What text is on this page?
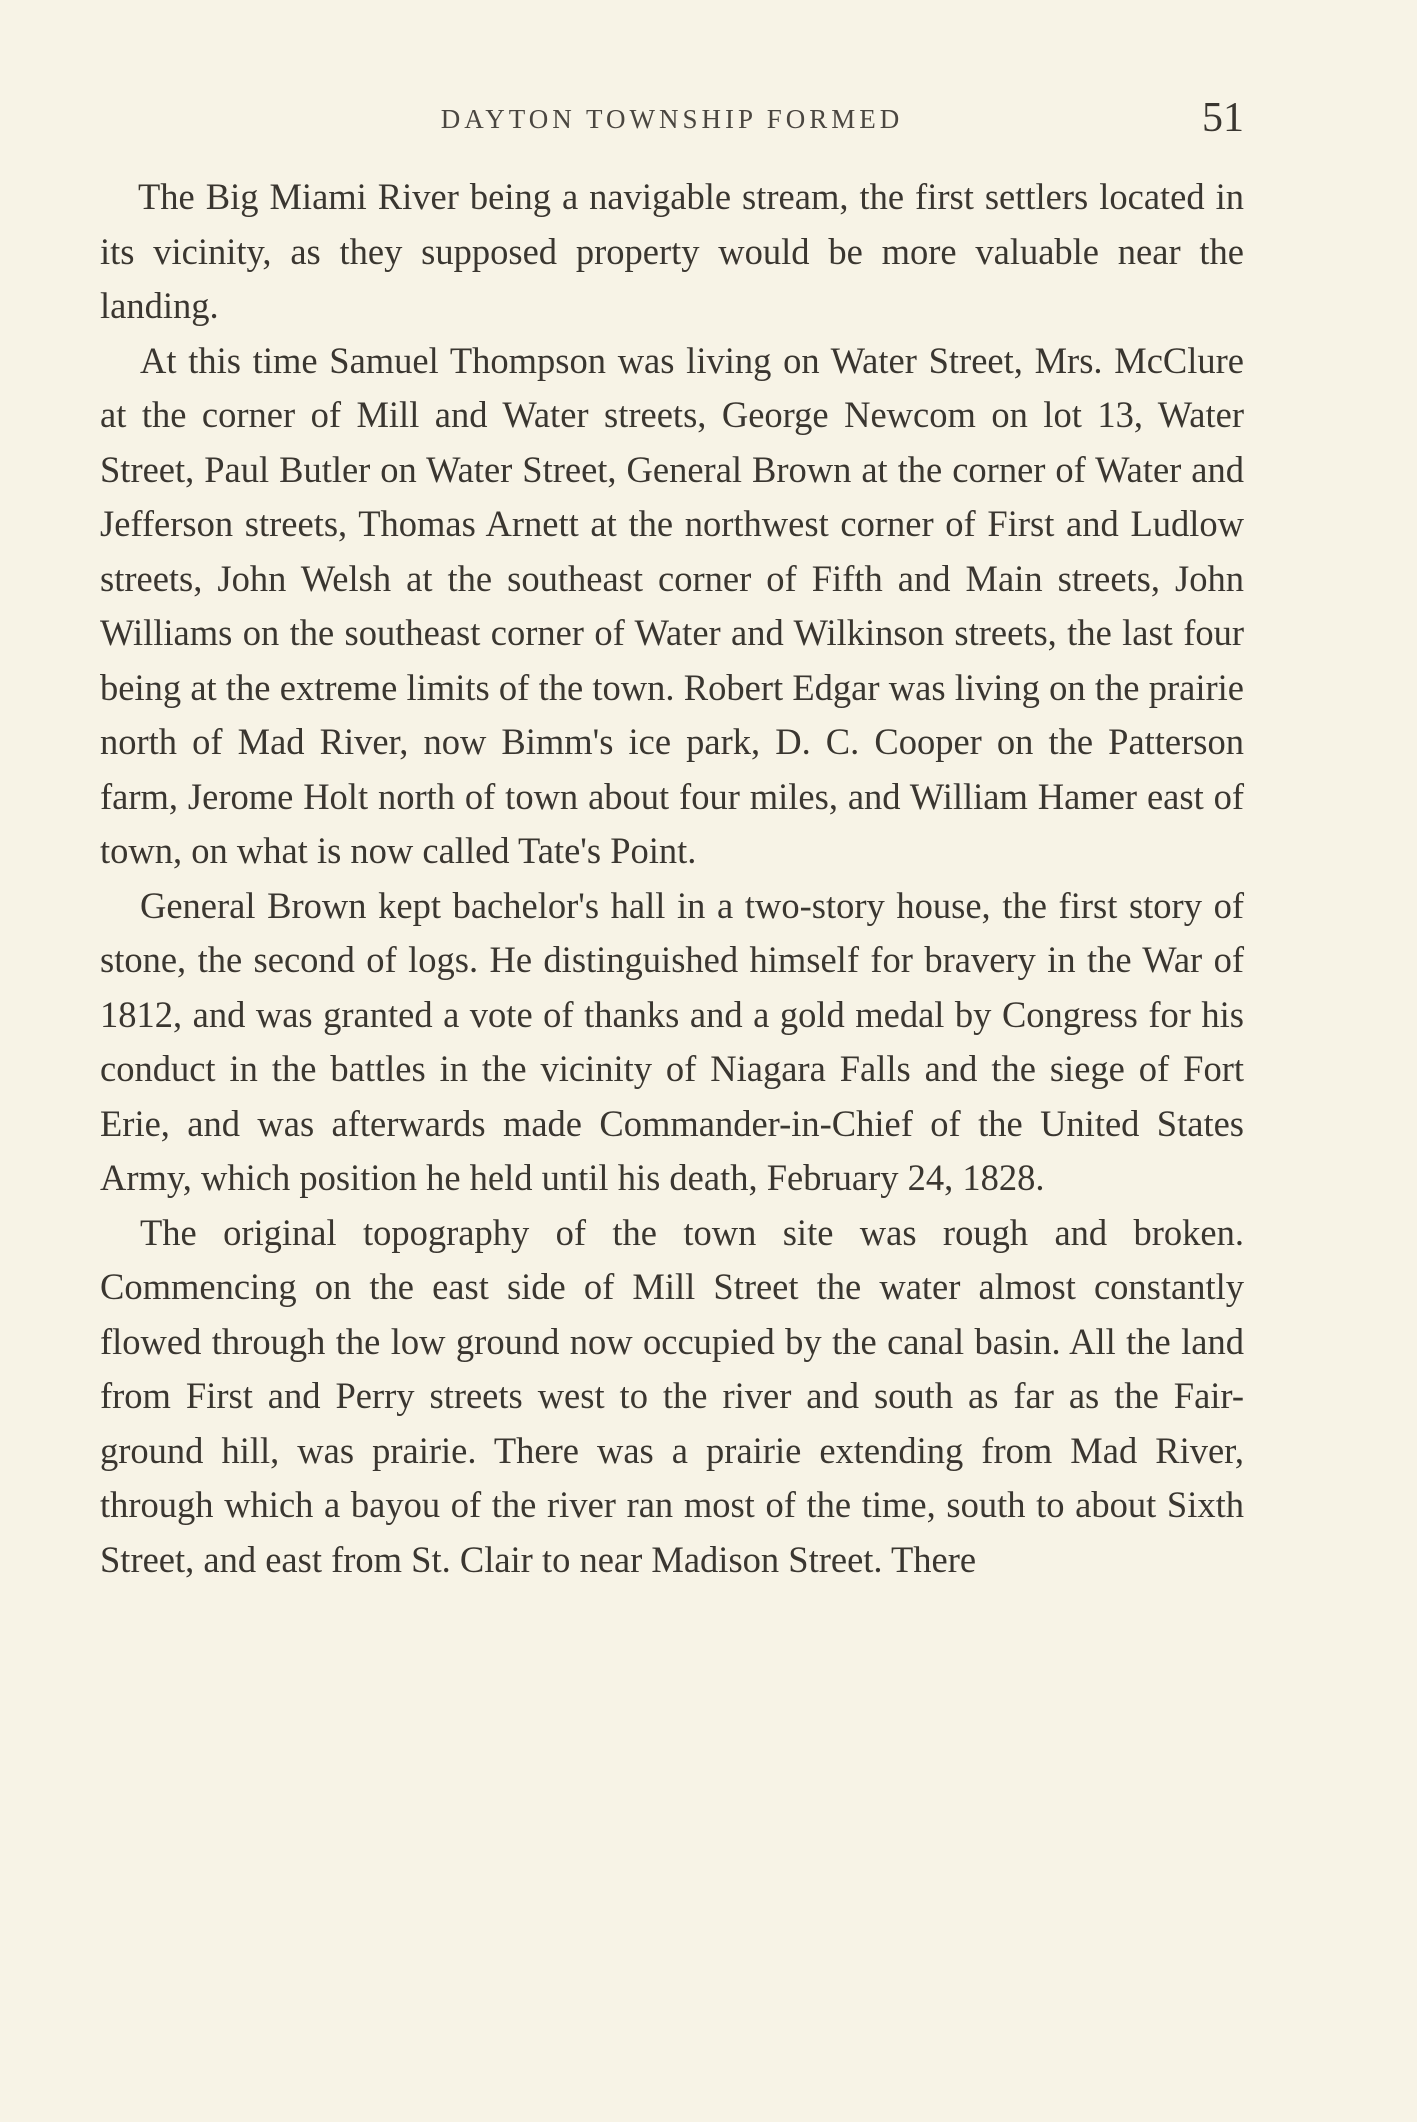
DAYTON TOWNSHIP FORMED	51

The Big Miami River being a navigable stream, the first settlers located in its vicinity, as they supposed property would be more valuable near the landing.

At this time Samuel Thompson was living on Water Street, Mrs. McClure at the corner of Mill and Water streets, George Newcom on lot 13, Water Street, Paul Butler on Water Street, General Brown at the corner of Water and Jefferson streets, Thomas Arnett at the northwest corner of First and Ludlow streets, John Welsh at the southeast corner of Fifth and Main streets, John Williams on the southeast corner of Water and Wilkinson streets, the last four being at the extreme limits of the town. Robert Edgar was living on the prairie north of Mad River, now Bimm's ice park, D. C. Cooper on the Patterson farm, Jerome Holt north of town about four miles, and William Hamer east of town, on what is now called Tate's Point.

General Brown kept bachelor's hall in a two-story house, the first story of stone, the second of logs. He distinguished himself for bravery in the War of 1812, and was granted a vote of thanks and a gold medal by Congress for his conduct in the battles in the vicinity of Niagara Falls and the siege of Fort Erie, and was afterwards made Commander-in-Chief of the United States Army, which position he held until his death, February 24, 1828.

The original topography of the town site was rough and broken. Commencing on the east side of Mill Street the water almost constantly flowed through the low ground now occupied by the canal basin. All the land from First and Perry streets west to the river and south as far as the Fair-ground hill, was prairie. There was a prairie extending from Mad River, through which a bayou of the river ran most of the time, south to about Sixth Street, and east from St. Clair to near Madison Street. There
